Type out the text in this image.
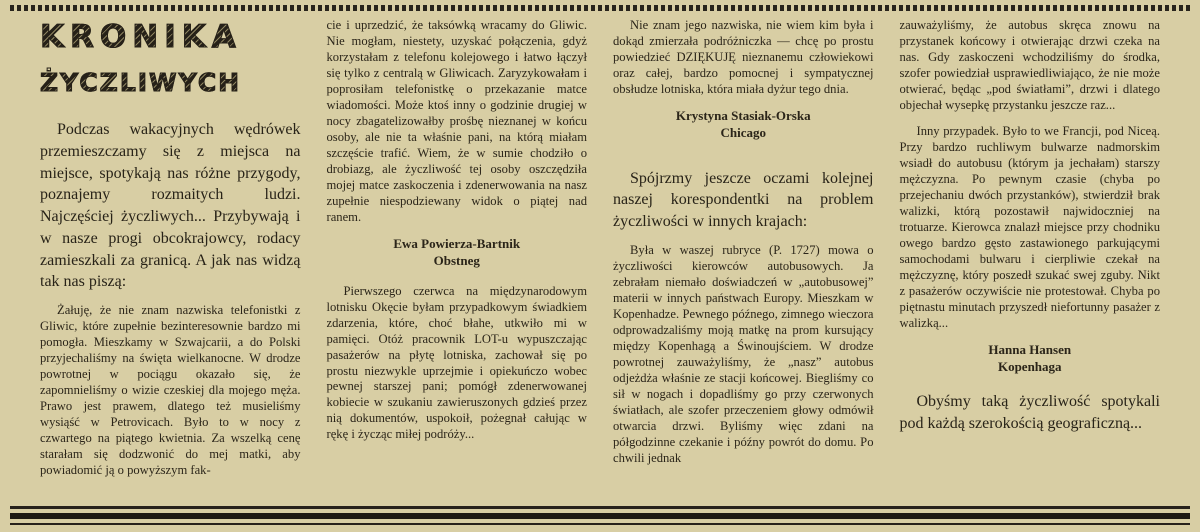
KRONIKA
ŻYCZLIWYCH

Podczas wakacyjnych wędrówek przemieszczamy się z miejsca na miejsce, spotykają nas różne przygody, poznajemy rozmaitych ludzi. Najczęściej życzliwych... Przybywają i w nasze progi obcokrajowcy, rodacy zamieszkali za granicą. A jak nas widzą tak nas piszą:

Żałuję, że nie znam nazwiska telefonistki z Gliwic, które zupełnie bezinteresownie bardzo mi pomogła. Mieszkamy w Szwajcarii, a do Polski przyjechaliśmy na święta wielkanocne. W drodze powrotnej w pociągu okazało się, że zapomnieliśmy o wizie czeskiej dla mojego męża. Prawo jest prawem, dlatego też musieliśmy wysiąść w Petrovicach. Było to w nocy z czwartego na piątego kwietnia. Za wszelką cenę starałam się dodzwonić do mej matki, aby powiadomić ją o powyższym fak-

cie i uprzedzić, że taksówką wracamy do Gliwic. Nie mogłam, niestety, uzyskać połączenia, gdyż korzystałam z telefonu kolejowego i łatwo łączył się tylko z centralą w Gliwicach. Zaryzykowałam i poprosiłam telefonistkę o przekazanie matce wiadomości. Może ktoś inny o godzinie drugiej w nocy zbagatelizowałby prośbę nieznanej w końcu osoby, ale nie ta właśnie pani, na którą miałam szczęście trafić. Wiem, że w sumie chodziło o drobiazg, ale życzliwość tej osoby oszczędziła mojej matce zaskoczenia i zdenerwowania na nasz zupełnie niespodziewany widok o piątej nad ranem.

Ewa Powierza-Bartnik
Obstneg

Pierwszego czerwca na międzynarodowym lotnisku Okęcie byłam przypadkowym świadkiem zdarzenia, które, choć błahe, utkwiło mi w pamięci. Otóż pracownik LOT-u wypuszczając pasażerów na płytę lotniska, zachował się po prostu niezwykle uprzejmie i opiekuńczo wobec pewnej starszej pani; pomógł zdenerwowanej kobiecie w szukaniu zawieruszonych gdzieś przez nią dokumentów, uspokoił, pożegnał całując w rękę i życząc miłej podróży...

Nie znam jego nazwiska, nie wiem kim była i dokąd zmierzała podróżniczka — chcę po prostu powiedzieć DZIĘKUJĘ nieznanemu człowiekowi oraz całej, bardzo pomocnej i sympatycznej obsłudze lotniska, która miała dyżur tego dnia.

Krystyna Stasiak-Orska
Chicago

Spójrzmy jeszcze oczami kolejnej naszej korespondentki na problem życzliwości w innych krajach:

Była w waszej rubryce (P. 1727) mowa o życzliwości kierowców autobusowych. Ja zebrałam niemało doświadczeń w „autobusowej” materii w innych państwach Europy. Mieszkam w Kopenhadze. Pewnego późnego, zimnego wieczora odprowadzaliśmy moją matkę na prom kursujący między Kopenhagą a Świnoujściem. W drodze powrotnej zauważyliśmy, że „nasz” autobus odjeżdża właśnie ze stacji końcowej. Biegliśmy co sił w nogach i dopadliśmy go przy czerwonych światłach, ale szofer przeczeniem głowy odmówił otwarcia drzwi. Byliśmy więc zdani na półgodzinne czekanie i późny powrót do domu. Po chwili jednak

zauważyliśmy, że autobus skręca znowu na przystanek końcowy i otwierając drzwi czeka na nas. Gdy zaskoczeni wchodziliśmy do środka, szofer powiedział usprawiedliwiająco, że nie może otwierać, będąc „pod światłami”, drzwi i dlatego objechał wysepkę przystanku jeszcze raz...

Inny przypadek. Było to we Francji, pod Niceą. Przy bardzo ruchliwym bulwarze nadmorskim wsiadł do autobusu (którym ja jechałam) starszy mężczyzna. Po pewnym czasie (chyba po przejechaniu dwóch przystanków), stwierdził brak walizki, którą pozostawił najwidoczniej na trotuarze. Kierowca znalazł miejsce przy chodniku owego bardzo gęsto zastawionego parkującymi samochodami bulwaru i cierpliwie czekał na mężczyznę, który poszedł szukać swej zguby. Nikt z pasażerów oczywiście nie protestował. Chyba po piętnastu minutach przyszedł niefortunny pasażer z walizką...

Hanna Hansen
Kopenhaga

Obyśmy taką życzliwość spotykali pod każdą szerokością geograficzną...
